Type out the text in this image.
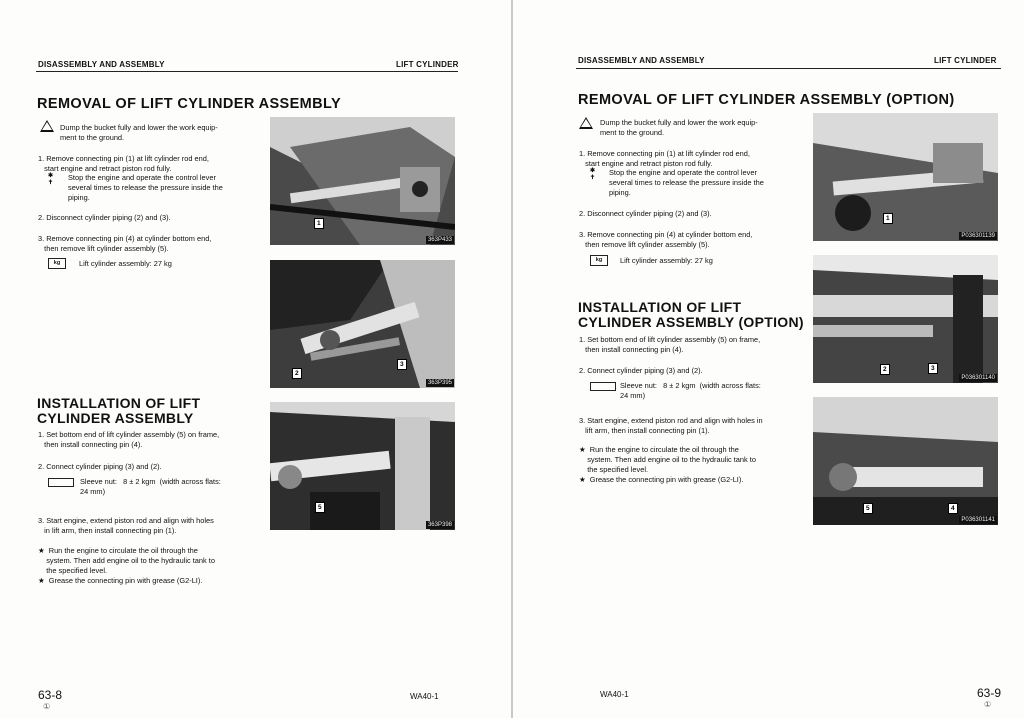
DISASSEMBLY AND ASSEMBLY	LIFT CYLINDER
REMOVAL OF LIFT CYLINDER ASSEMBLY

Dump the bucket fully and lower the work equip-
ment to the ground.

1. Remove connecting pin (1) at lift cylinder rod end,
start engine and retract piston rod fully.

✱
✝

Stop the engine and operate the control lever
several times to release the pressure inside the
piping.

2. Disconnect cylinder piping (2) and (3).

3. Remove connecting pin (4) at cylinder bottom end,
then remove lift cylinder assembly (5).

kg	Lift cylinder assembly: 27 kg

INSTALLATION OF LIFT
CYLINDER ASSEMBLY

1. Set bottom end of lift cylinder assembly (5) on frame,
then install connecting pin (4).

2. Connect cylinder piping (3) and (2).

Sleeve nut:   8 ± 2 kgm  (width across flats:
24 mm)

3. Start engine, extend piston rod and align with holes
in lift arm, then install connecting pin (1).

★  Run the engine to circulate the oil through the
system. Then add engine oil to the hydraulic tank to
the specified level.

★  Grease the connecting pin with grease (G2-LI).

1
363P433
2
3
363P395
5
363P398
63-8
①
WA40-1
DISASSEMBLY AND ASSEMBLY	LIFT CYLINDER
REMOVAL OF LIFT CYLINDER ASSEMBLY (OPTION)

Dump the bucket fully and lower the work equip-
ment to the ground.

1. Remove connecting pin (1) at lift cylinder rod end,
start engine and retract piston rod fully.

✱
✝

Stop the engine and operate the control lever
several times to release the pressure inside the
piping.

2. Disconnect cylinder piping (2) and (3).

3. Remove connecting pin (4) at cylinder bottom end,
then remove lift cylinder assembly (5).

kg	Lift cylinder assembly: 27 kg

INSTALLATION OF LIFT
CYLINDER ASSEMBLY (OPTION)

1. Set bottom end of lift cylinder assembly (5) on frame,
then install connecting pin (4).

2. Connect cylinder piping (3) and (2).

Sleeve nut:   8 ± 2 kgm  (width across flats:
24 mm)

3. Start engine, extend piston rod and align with holes in
lift arm, then install connecting pin (1).

★  Run the engine to circulate the oil through the
system. Then add engine oil to the hydraulic tank to
the specified level.

★  Grease the connecting pin with grease (G2-LI).

1
P036301139
2	3
P036301140
5	4
P036301141
WA40-1	63-9
①
